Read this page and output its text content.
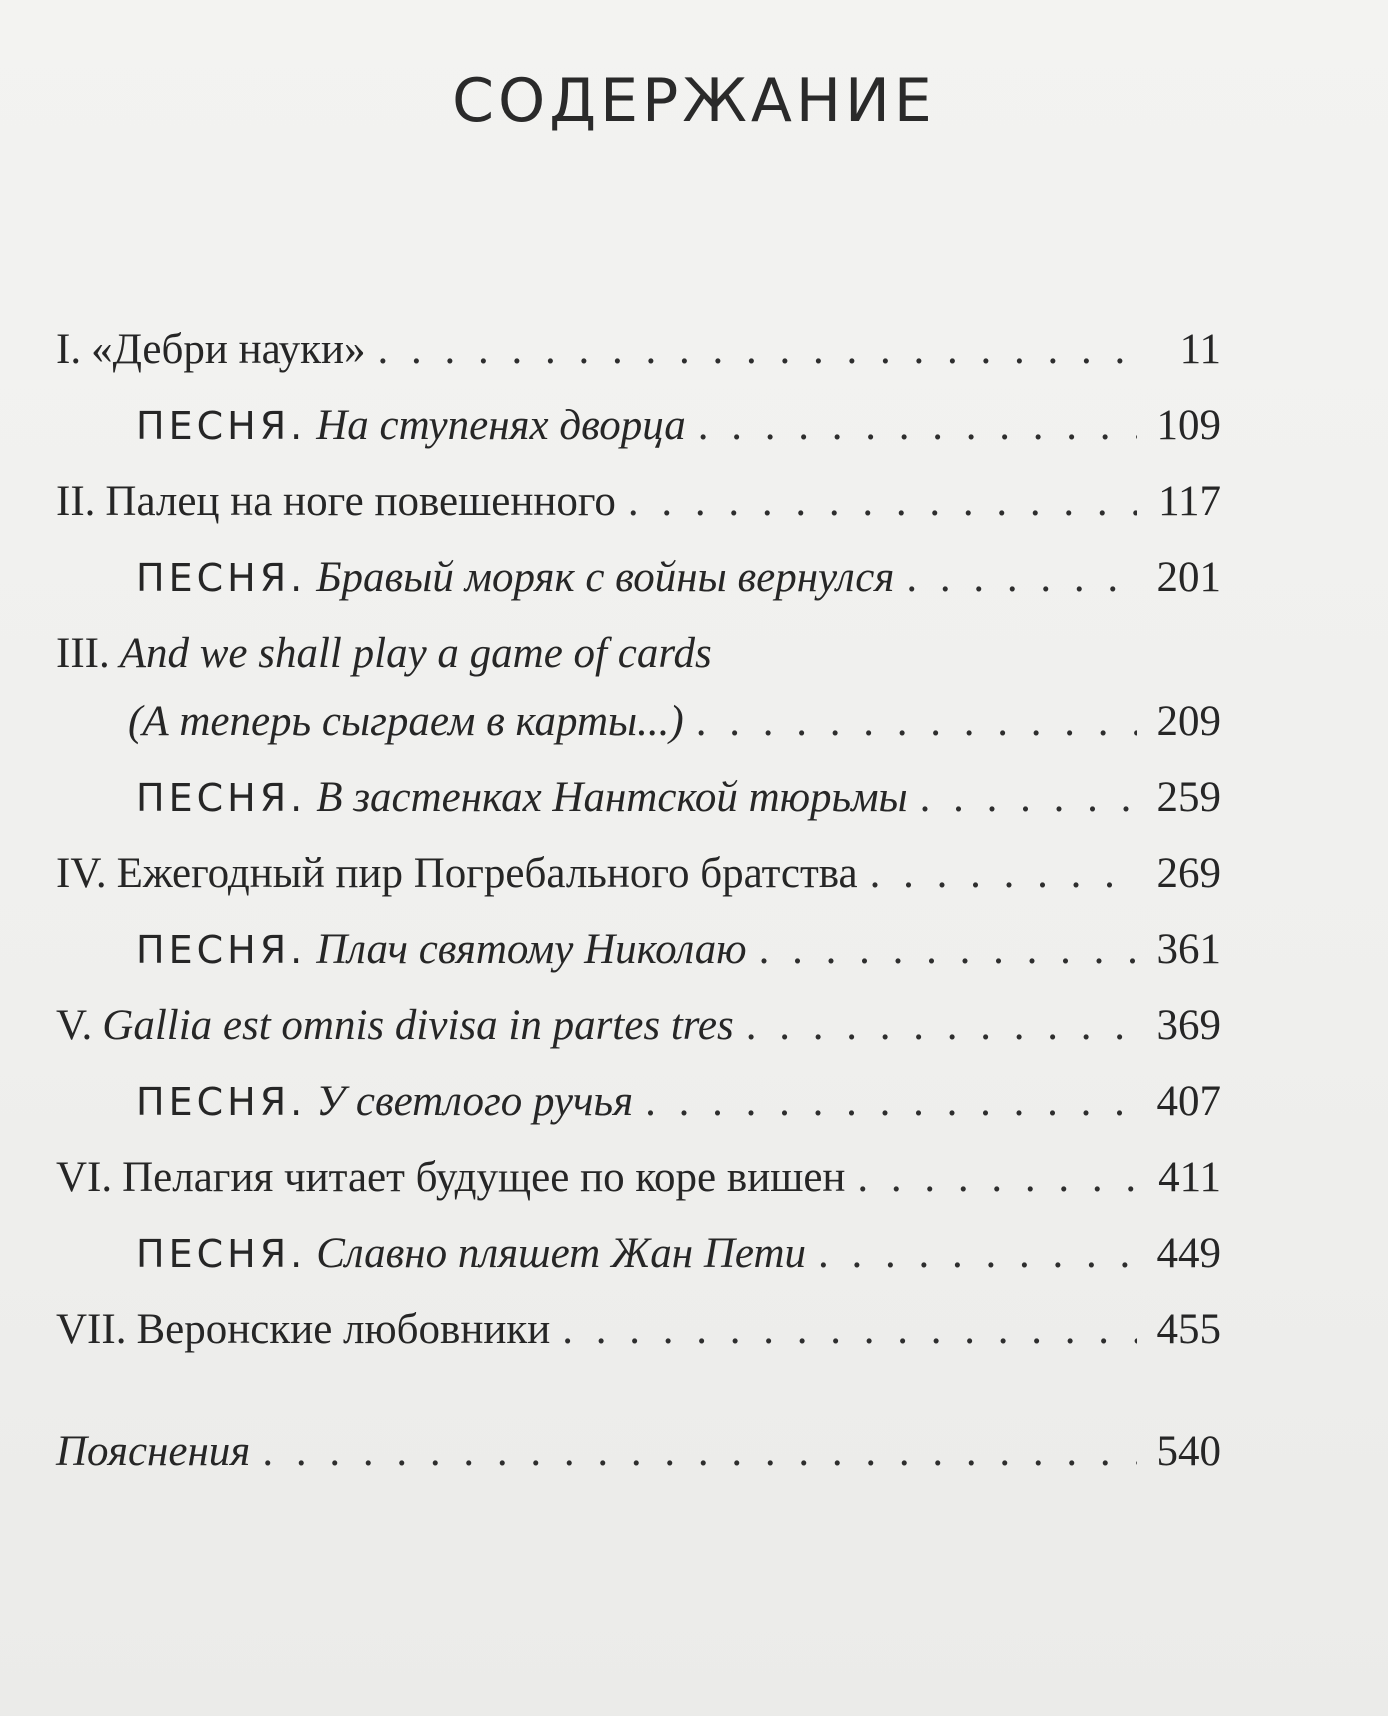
СОДЕРЖАНИЕ
I. «Дебри науки» . . .	11
ПЕСНЯ. На ступенях дворца . . .	109
II. Палец на ноге повешенного . . .	117
ПЕСНЯ. Бравый моряк с войны вернулся . . .	201
III. And we shall play a game of cards
(А теперь сыграем в карты...) . . .	209
ПЕСНЯ. В застенках Нантской тюрьмы . . .	259
IV. Ежегодный пир Погребального братства . . .	269
ПЕСНЯ. Плач святому Николаю . . .	361
V. Gallia est omnis divisa in partes tres . . .	369
ПЕСНЯ. У светлого ручья . . .	407
VI. Пелагия читает будущее по коре вишен . . .	411
ПЕСНЯ. Славно пляшет Жан Пети . . .	449
VII. Веронские любовники . . .	455
Пояснения . . .	540
